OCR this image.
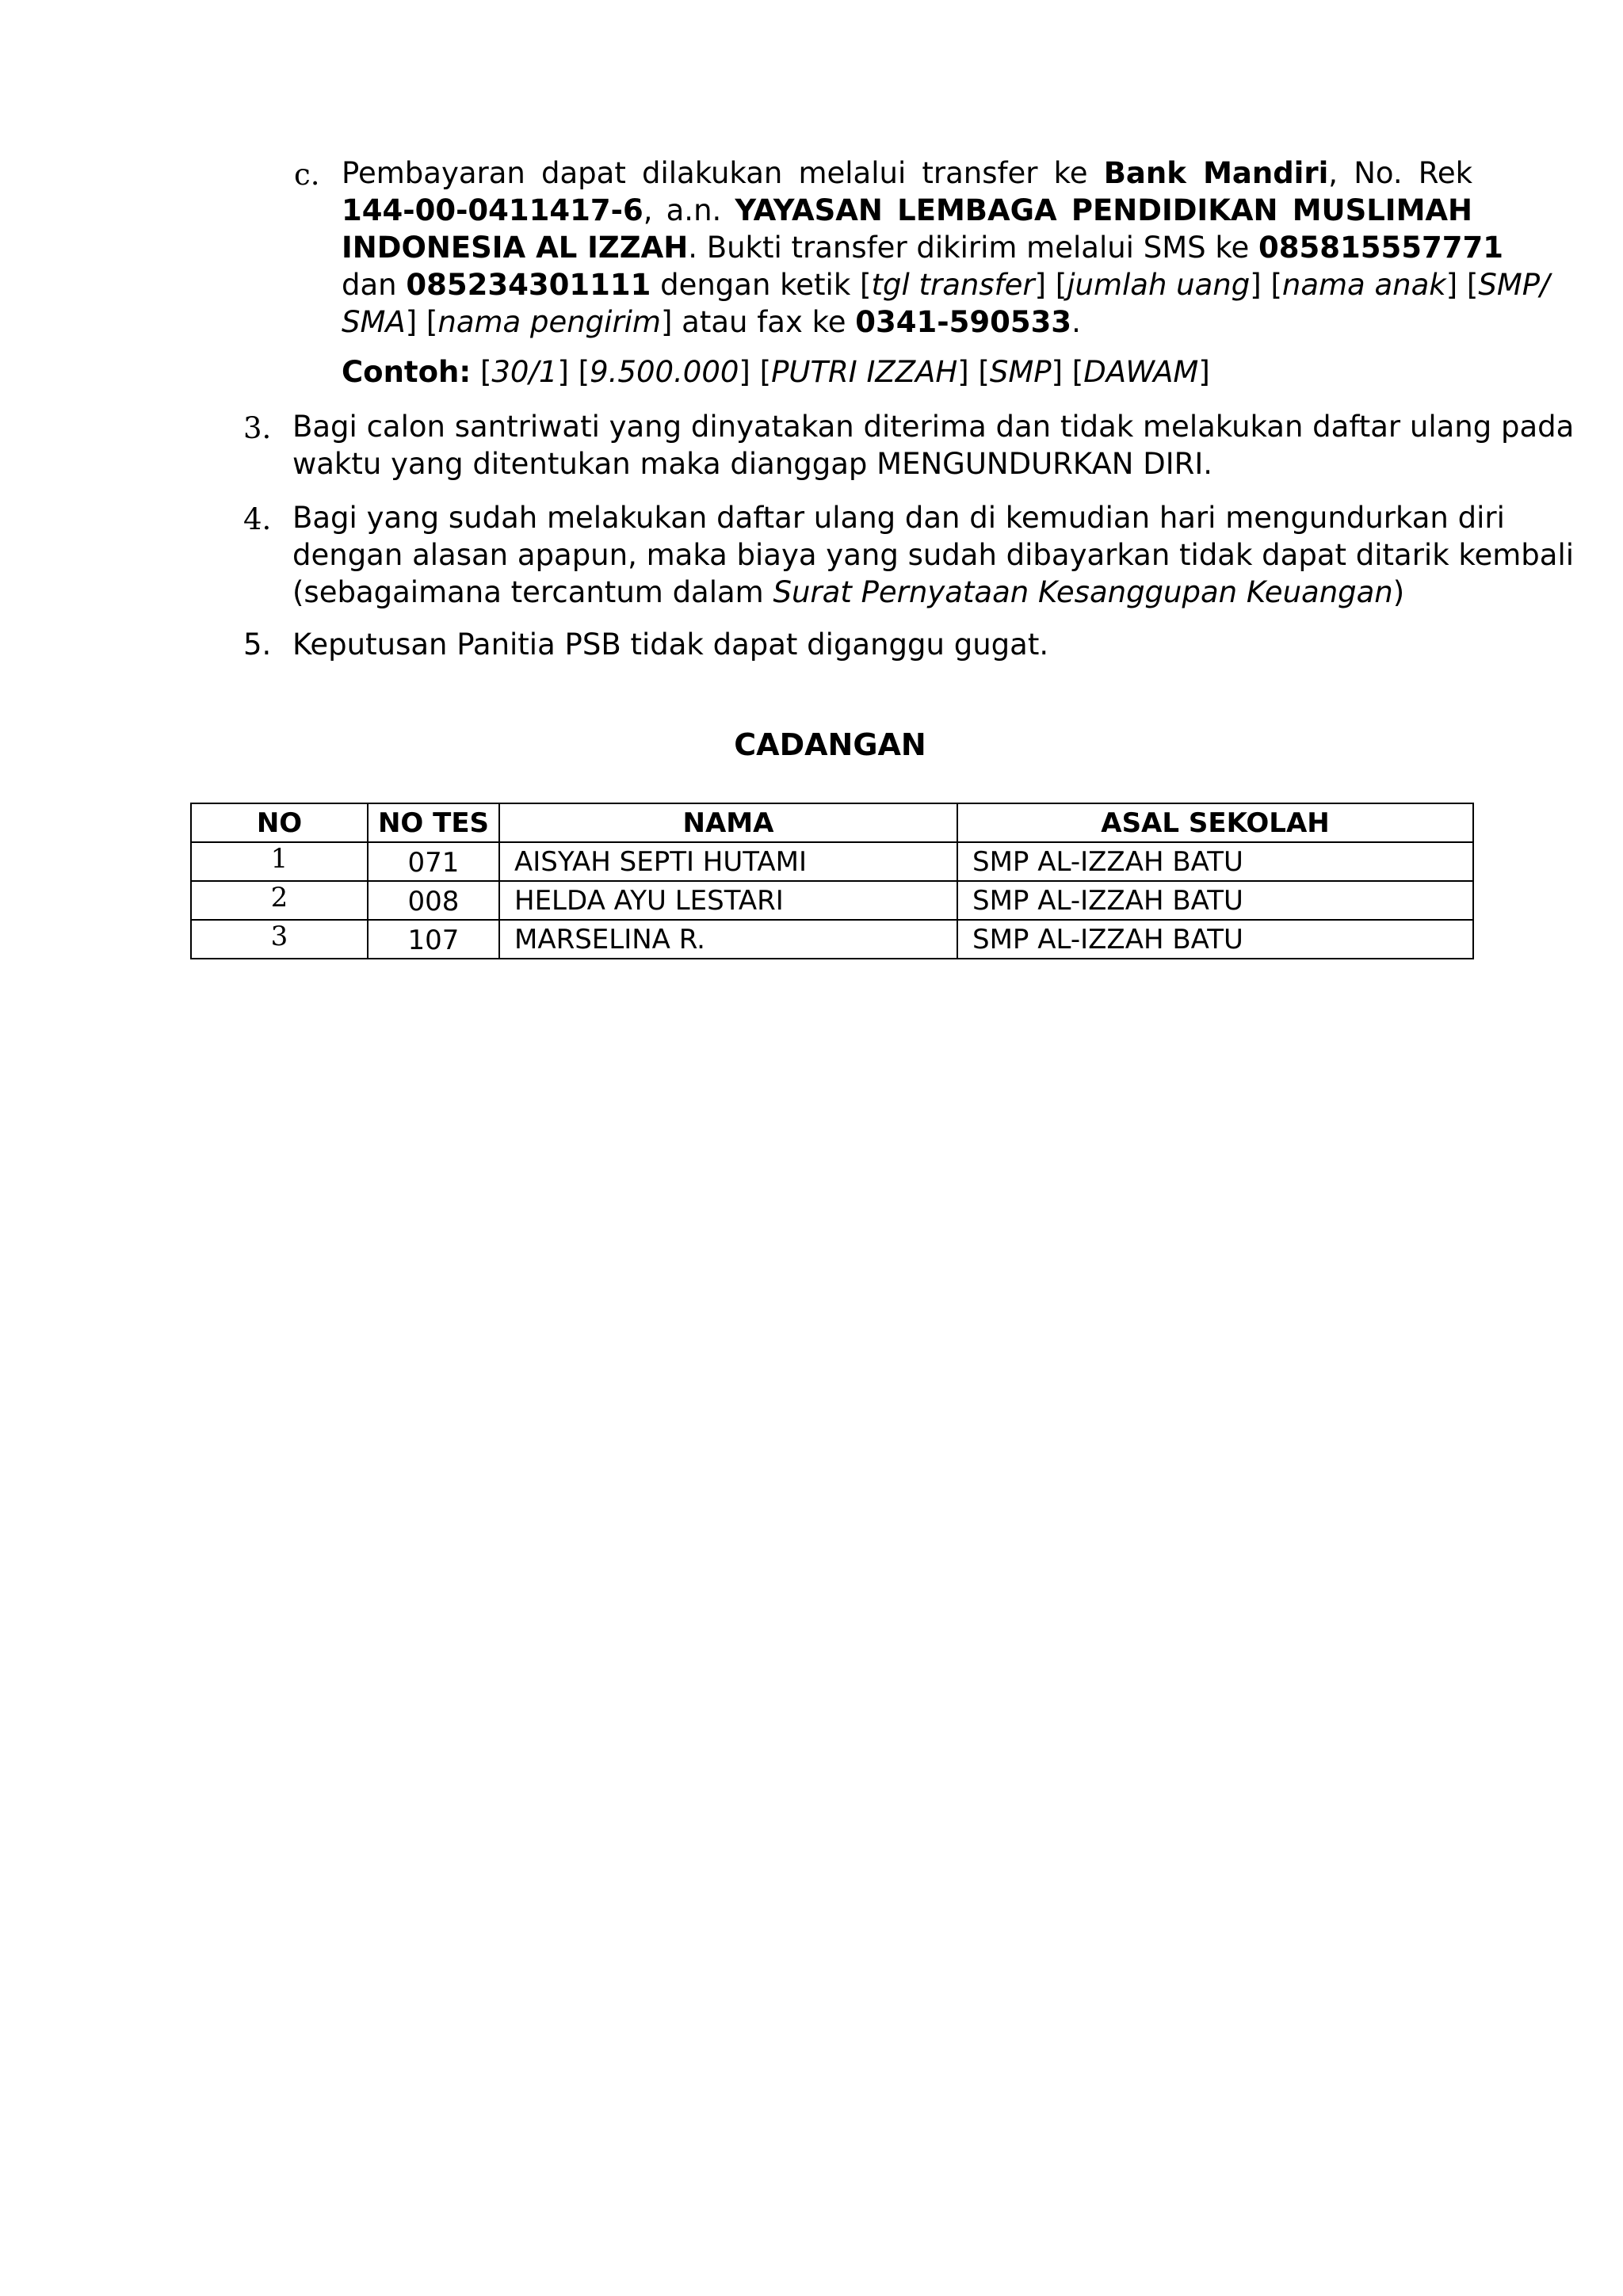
c. Pembayaran dapat dilakukan melalui transfer ke Bank Mandiri, No. Rek
144-00-0411417-6, a.n. YAYASAN LEMBAGA PENDIDIKAN MUSLIMAH
INDONESIA AL IZZAH. Bukti transfer dikirim melalui SMS ke 085815557771
dan 085234301111 dengan ketik [tgl transfer] [jumlah uang] [nama anak] [SMP/
SMA] [nama pengirim] atau fax ke 0341-590533.
Contoh: [30/1] [9.500.000] [PUTRI IZZAH] [SMP] [DAWAM]
3. Bagi calon santriwati yang dinyatakan diterima dan tidak melakukan daftar ulang pada
waktu yang ditentukan maka dianggap MENGUNDURKAN DIRI.
4. Bagi yang sudah melakukan daftar ulang dan di kemudian hari mengundurkan diri
dengan alasan apapun, maka biaya yang sudah dibayarkan tidak dapat ditarik kembali
(sebagaimana tercantum dalam Surat Pernyataan Kesanggupan Keuangan)
5. Keputusan Panitia PSB tidak dapat diganggu gugat.
CADANGAN
NO	NO TES	NAMA	ASAL SEKOLAH
1	071	AISYAH SEPTI HUTAMI	SMP AL-IZZAH BATU
2	008	HELDA AYU LESTARI	SMP AL-IZZAH BATU
3	107	MARSELINA R.	SMP AL-IZZAH BATU
